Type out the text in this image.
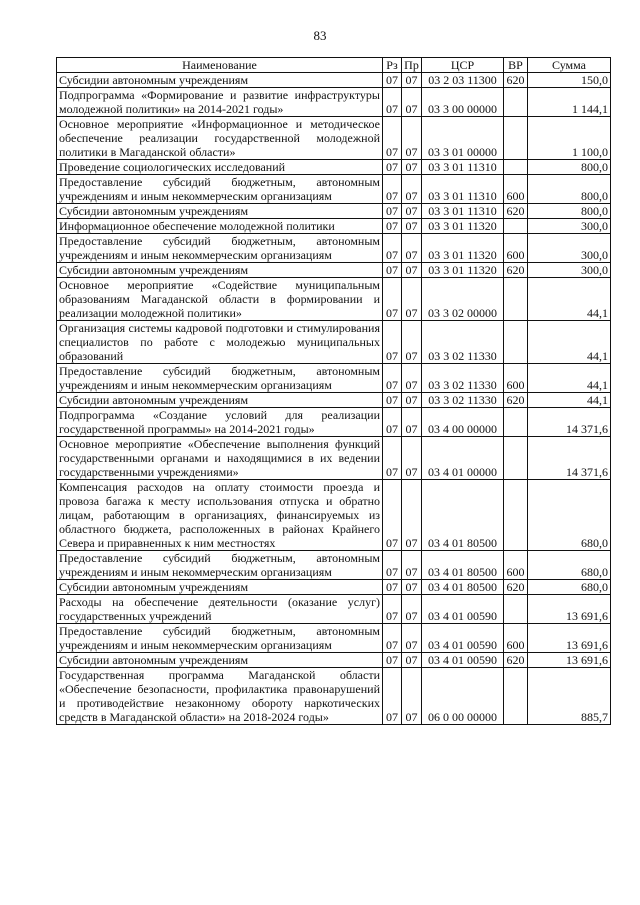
83
Наименование	Рз	Пр	ЦСР	ВР	Сумма
Субсидии автономным учреждениям	07	07	03 2 03 11300	620	150,0
Подпрограмма «Формирование и развитие инфраструктуры молодежной политики» на 2014-2021 годы»	07	07	03 3 00 00000		1 144,1
Основное мероприятие «Информационное и методическое обеспечение реализации государственной молодежной политики в Магаданской области»	07	07	03 3 01 00000		1 100,0
Проведение социологических исследований	07	07	03 3 01 11310		800,0
Предоставление субсидий бюджетным, автономным учреждениям и иным некоммерческим организациям	07	07	03 3 01 11310	600	800,0
Субсидии автономным учреждениям	07	07	03 3 01 11310	620	800,0
Информационное обеспечение молодежной политики	07	07	03 3 01 11320		300,0
Предоставление субсидий бюджетным, автономным учреждениям и иным некоммерческим организациям	07	07	03 3 01 11320	600	300,0
Субсидии автономным учреждениям	07	07	03 3 01 11320	620	300,0
Основное мероприятие «Содействие муниципальным образованиям Магаданской области в формировании и реализации молодежной политики»	07	07	03 3 02 00000		44,1
Организация системы кадровой подготовки и стимулирования специалистов по работе с молодежью муниципальных образований	07	07	03 3 02 11330		44,1
Предоставление субсидий бюджетным, автономным учреждениям и иным некоммерческим организациям	07	07	03 3 02 11330	600	44,1
Субсидии автономным учреждениям	07	07	03 3 02 11330	620	44,1
Подпрограмма «Создание условий для реализации государственной программы» на 2014-2021 годы»	07	07	03 4 00 00000		14 371,6
Основное мероприятие «Обеспечение выполнения функций государственными органами и находящимися в их ведении государственными учреждениями»	07	07	03 4 01 00000		14 371,6
Компенсация расходов на оплату стоимости проезда и провоза багажа к месту использования отпуска и обратно лицам, работающим в организациях, финансируемых из областного бюджета, расположенных в районах Крайнего Севера и приравненных к ним местностях	07	07	03 4 01 80500		680,0
Предоставление субсидий бюджетным, автономным учреждениям и иным некоммерческим организациям	07	07	03 4 01 80500	600	680,0
Субсидии автономным учреждениям	07	07	03 4 01 80500	620	680,0
Расходы на обеспечение деятельности (оказание услуг) государственных учреждений	07	07	03 4 01 00590		13 691,6
Предоставление субсидий бюджетным, автономным учреждениям и иным некоммерческим организациям	07	07	03 4 01 00590	600	13 691,6
Субсидии автономным учреждениям	07	07	03 4 01 00590	620	13 691,6
Государственная программа Магаданской области «Обеспечение безопасности, профилактика правонарушений и противодействие незаконному обороту наркотических средств в Магаданской области» на 2018-2024 годы»	07	07	06 0 00 00000		885,7
